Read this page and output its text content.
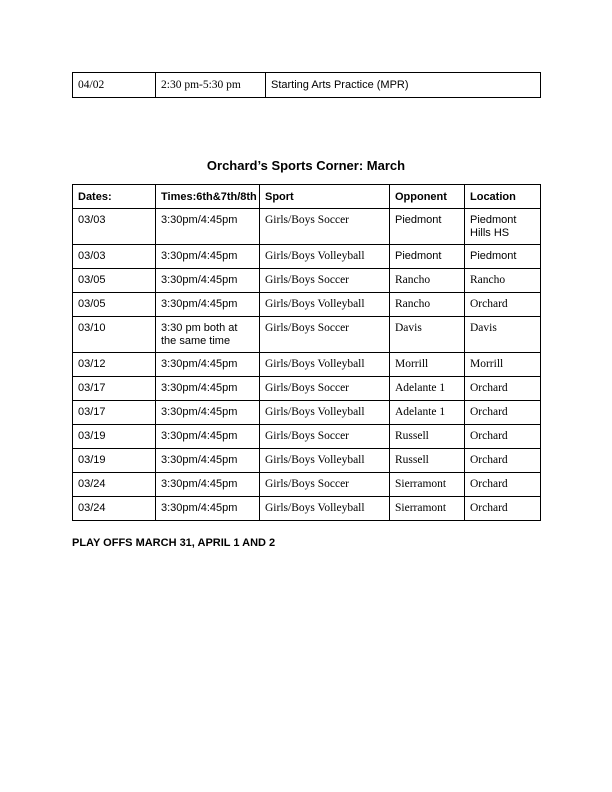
04/02	2:30 pm-5:30 pm	Starting Arts Practice (MPR)
Orchard’s Sports Corner: March
Dates:	Times:6th&7th/8th	Sport	Opponent	Location
03/03	3:30pm/4:45pm	Girls/Boys Soccer	Piedmont	Piedmont Hills HS
03/03	3:30pm/4:45pm	Girls/Boys Volleyball	Piedmont	Piedmont
03/05	3:30pm/4:45pm	Girls/Boys Soccer	Rancho	Rancho
03/05	3:30pm/4:45pm	Girls/Boys Volleyball	Rancho	Orchard
03/10	3:30 pm both at the same time	Girls/Boys Soccer	Davis	Davis
03/12	3:30pm/4:45pm	Girls/Boys Volleyball	Morrill	Morrill
03/17	3:30pm/4:45pm	Girls/Boys Soccer	Adelante 1	Orchard
03/17	3:30pm/4:45pm	Girls/Boys Volleyball	Adelante 1	Orchard
03/19	3:30pm/4:45pm	Girls/Boys Soccer	Russell	Orchard
03/19	3:30pm/4:45pm	Girls/Boys Volleyball	Russell	Orchard
03/24	3:30pm/4:45pm	Girls/Boys Soccer	Sierramont	Orchard
03/24	3:30pm/4:45pm	Girls/Boys Volleyball	Sierramont	Orchard
PLAY OFFS MARCH 31, APRIL 1 AND 2
